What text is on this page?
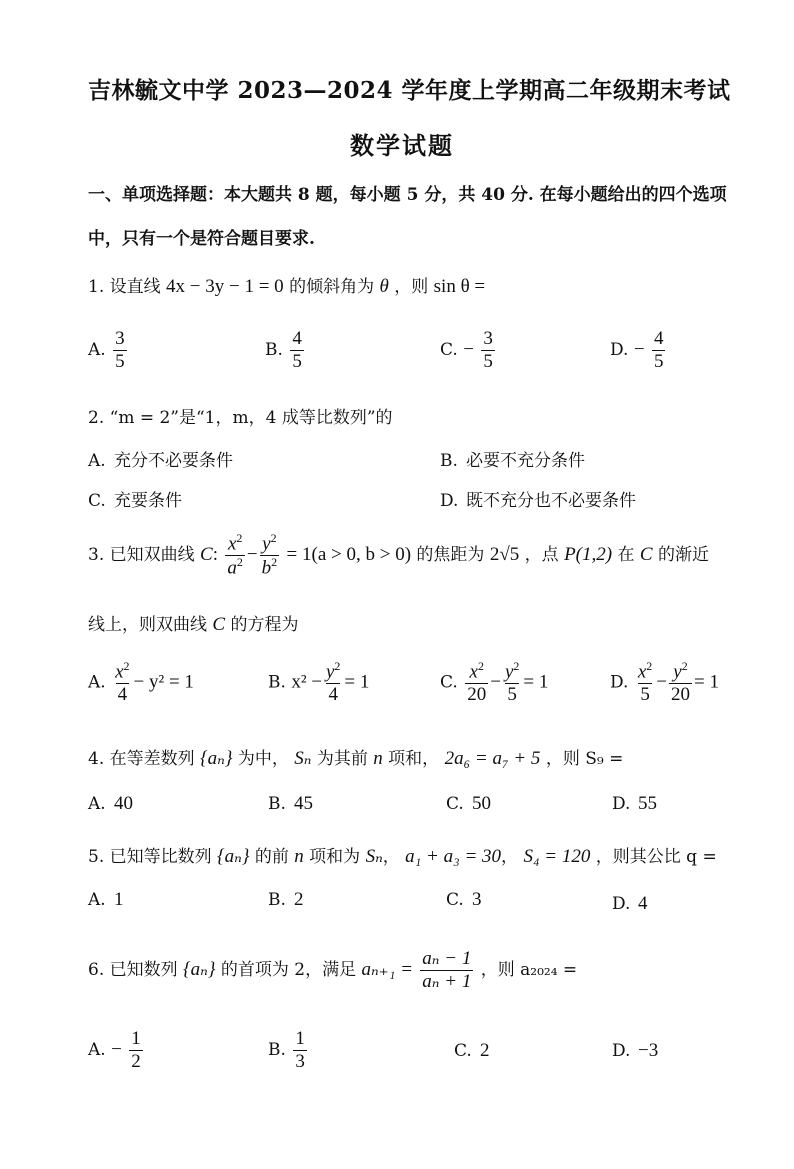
吉林毓文中学 2023—2024 学年度上学期高二年级期末考试
数学试题
一、单项选择题：本大题共 8 题，每小题 5 分，共 40 分. 在每小题给出的四个选项
中，只有一个是符合题目要求.
1. 设直线 4x − 3y − 1 = 0 的倾斜角为 θ ，则 sin θ =
A. $\frac{3}{5}$	B. $\frac{4}{5}$	C. − $\frac{3}{5}$	D. − $\frac{4}{5}$
2. “m = 2”是“1，m，4 成等比数列”的
A. 充分不必要条件	B. 必要不充分条件
C. 充要条件	D. 既不充分也不必要条件
3. 已知双曲线 C: $\frac{x^2}{a^2} - \frac{y^2}{b^2} = 1(a > 0$, b > 0) 的焦距为 2√5 ，点 P(1,2) 在 C 的渐近
线上，则双曲线 C 的方程为
A. $\frac{x^2}{4} - y^2 = 1$	B. $x^2 - \frac{y^2}{4} = 1$	C. $\frac{x^2}{20} - \frac{y^2}{5} = 1$	D. $\frac{x^2}{5} - \frac{y^2}{20} = 1$
4. 在等差数列 {aₙ} 为中， Sₙ 为其前 n 项和， 2a₆ = a₇ + 5 ，则 S₉ =
A. 40	B. 45	C. 50	D. 55
5. 已知等比数列 {aₙ} 的前 n 项和为 Sₙ， a₁ + a₃ = 30， S₄ = 120 ，则其公比 q =
A. 1	B. 2	C. 3	D. 4
6. 已知数列 {aₙ} 的首项为 2，满足 $a_{n+1} = \frac{\text{aₙ − 1}}{\text{aₙ + 1}}$ ，则 a₂₀₂₄ =
A. − $\frac{1}{2}$	B. $\frac{1}{3}$	C. 2	D. −3
